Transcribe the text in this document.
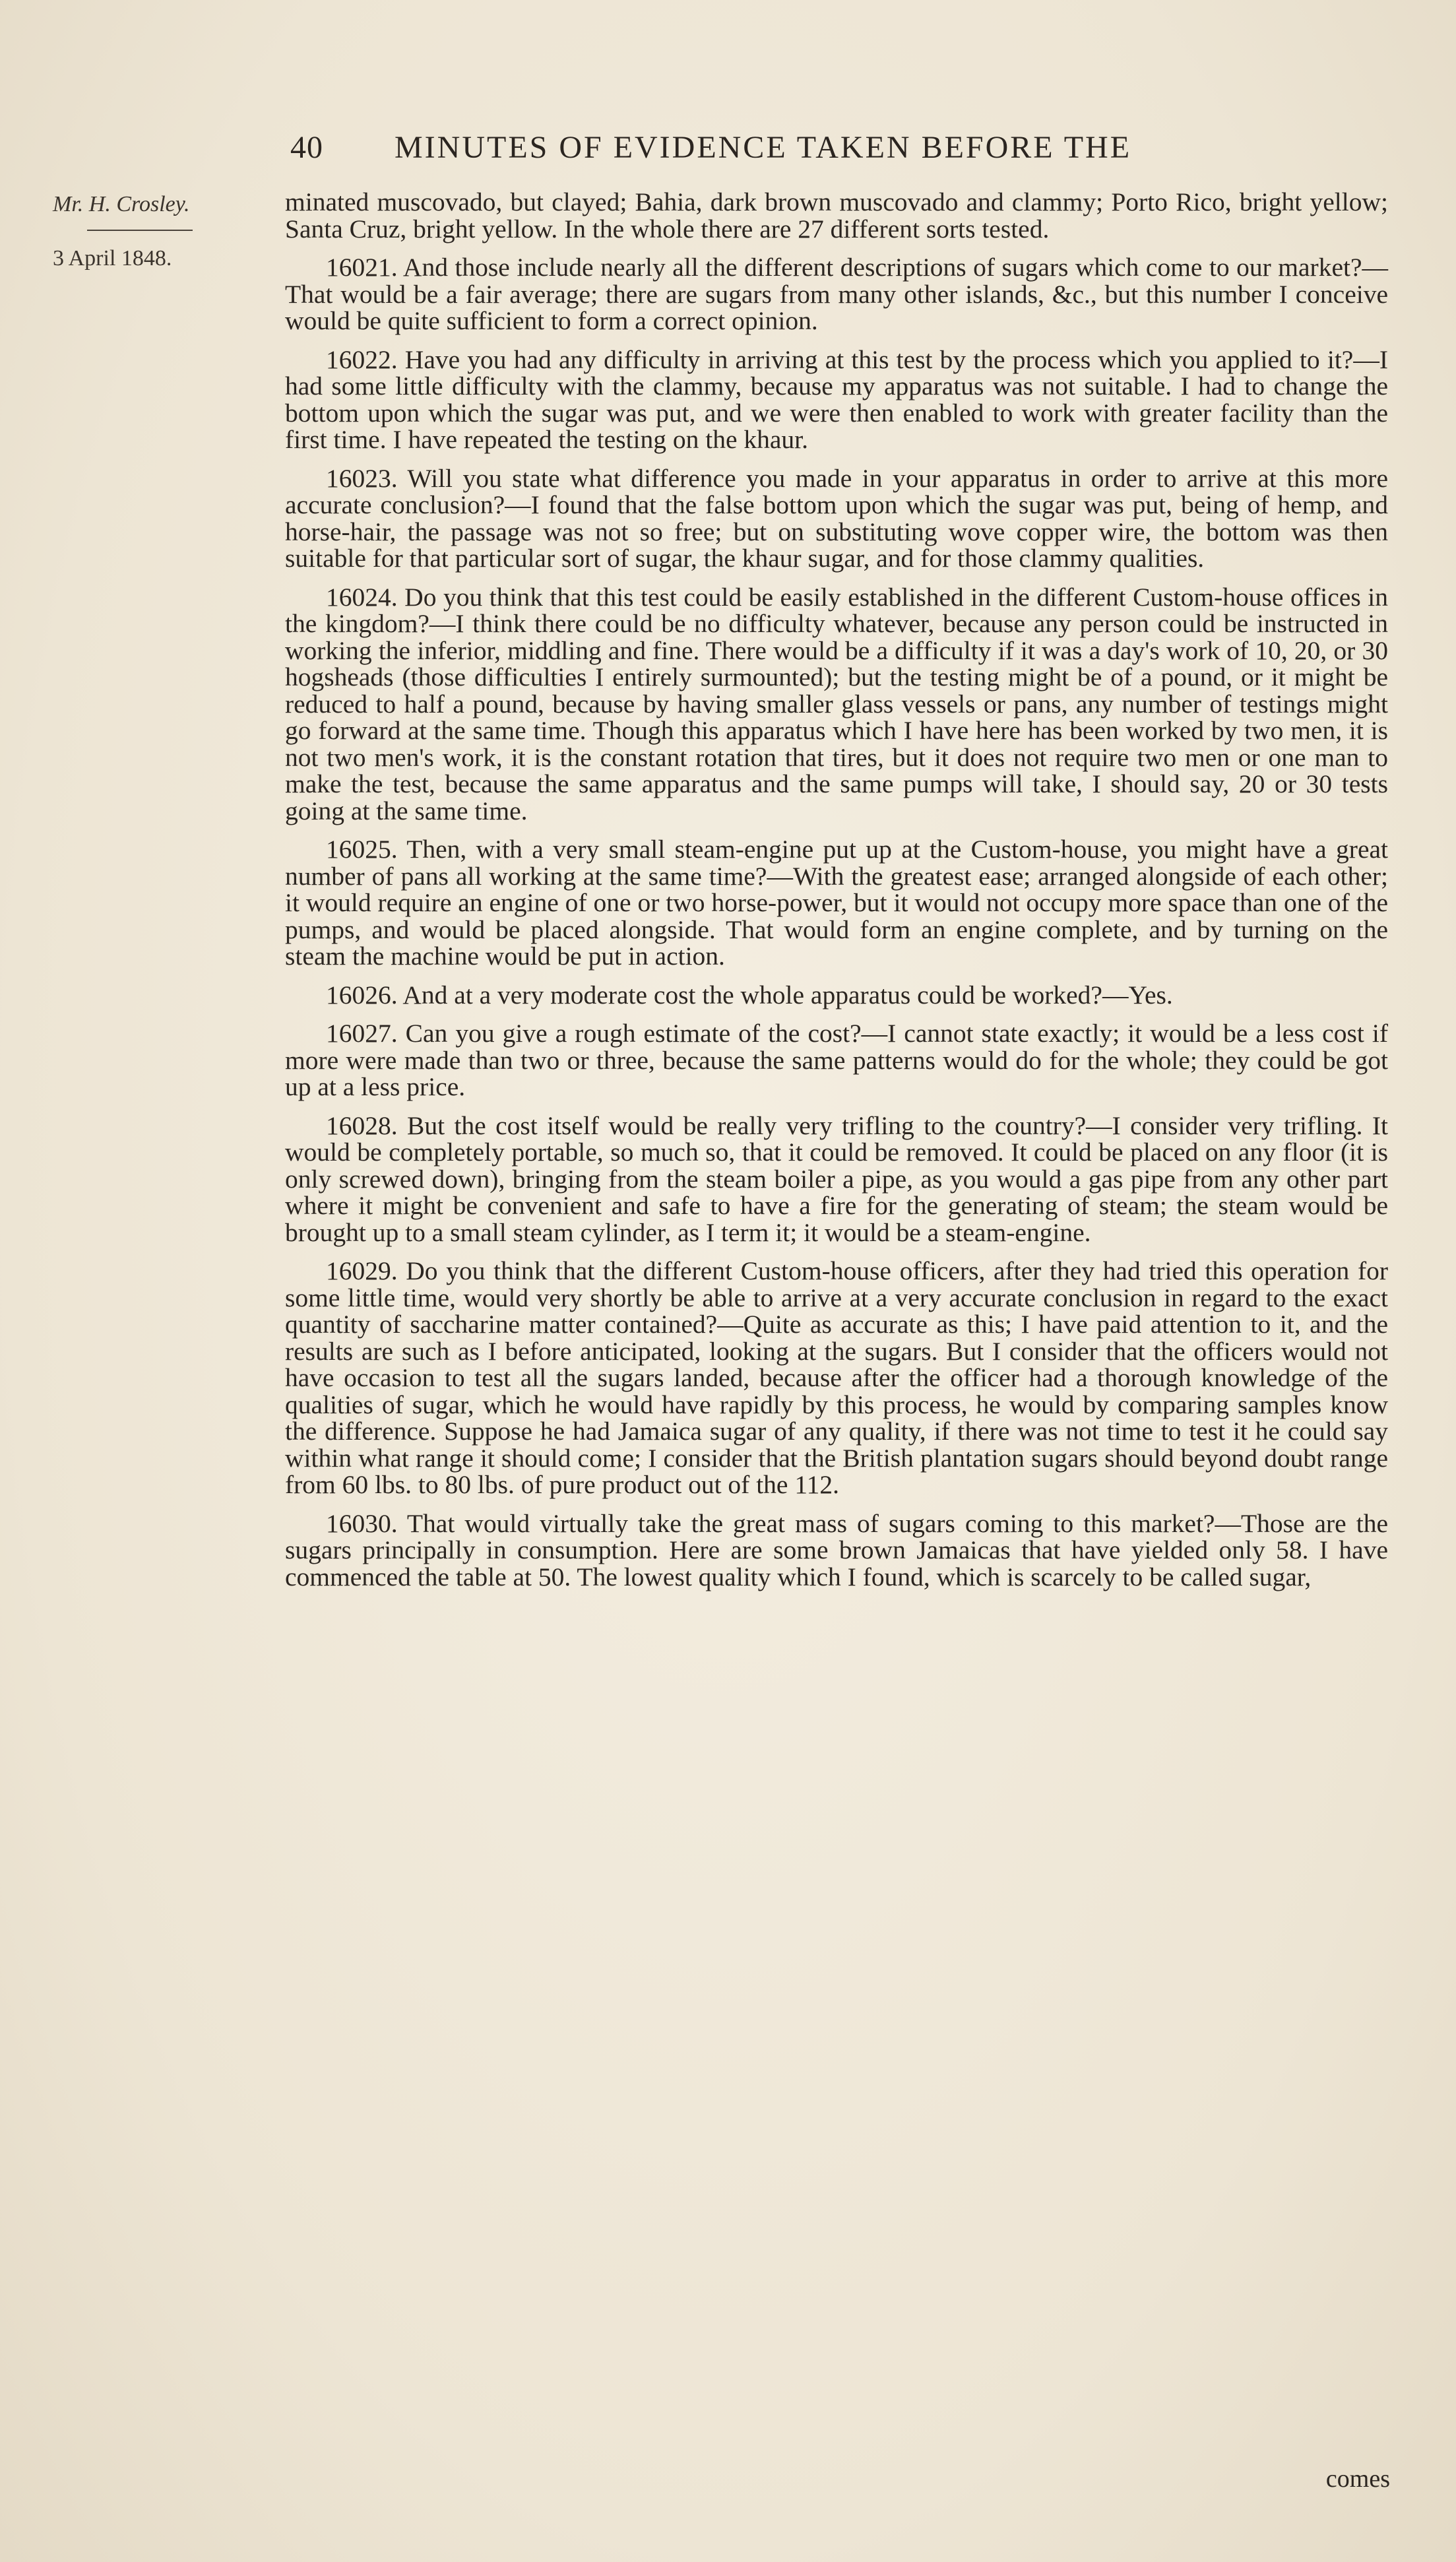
40	MINUTES OF EVIDENCE TAKEN BEFORE THE
Mr. H. Crosley.
3 April 1848.

minated muscovado, but clayed; Bahia, dark brown muscovado and clammy; Porto Rico, bright yellow; Santa Cruz, bright yellow. In the whole there are 27 different sorts tested.

16021. And those include nearly all the different descriptions of sugars which come to our market?—That would be a fair average; there are sugars from many other islands, &c., but this number I conceive would be quite sufficient to form a correct opinion.

16022. Have you had any difficulty in arriving at this test by the process which you applied to it?—I had some little difficulty with the clammy, because my apparatus was not suitable. I had to change the bottom upon which the sugar was put, and we were then enabled to work with greater facility than the first time. I have repeated the testing on the khaur.

16023. Will you state what difference you made in your apparatus in order to arrive at this more accurate conclusion?—I found that the false bottom upon which the sugar was put, being of hemp, and horse-hair, the passage was not so free; but on substituting wove copper wire, the bottom was then suitable for that particular sort of sugar, the khaur sugar, and for those clammy qualities.

16024. Do you think that this test could be easily established in the different Custom-house offices in the kingdom?—I think there could be no difficulty whatever, because any person could be instructed in working the inferior, middling and fine. There would be a difficulty if it was a day's work of 10, 20, or 30 hogsheads (those difficulties I entirely surmounted); but the testing might be of a pound, or it might be reduced to half a pound, because by having smaller glass vessels or pans, any number of testings might go forward at the same time. Though this apparatus which I have here has been worked by two men, it is not two men's work, it is the constant rotation that tires, but it does not require two men or one man to make the test, because the same apparatus and the same pumps will take, I should say, 20 or 30 tests going at the same time.

16025. Then, with a very small steam-engine put up at the Custom-house, you might have a great number of pans all working at the same time?—With the greatest ease; arranged alongside of each other; it would require an engine of one or two horse-power, but it would not occupy more space than one of the pumps, and would be placed alongside. That would form an engine complete, and by turning on the steam the machine would be put in action.

16026. And at a very moderate cost the whole apparatus could be worked?—Yes.

16027. Can you give a rough estimate of the cost?—I cannot state exactly; it would be a less cost if more were made than two or three, because the same patterns would do for the whole; they could be got up at a less price.

16028. But the cost itself would be really very trifling to the country?—I consider very trifling. It would be completely portable, so much so, that it could be removed. It could be placed on any floor (it is only screwed down), bringing from the steam boiler a pipe, as you would a gas pipe from any other part where it might be convenient and safe to have a fire for the generating of steam; the steam would be brought up to a small steam cylinder, as I term it; it would be a steam-engine.

16029. Do you think that the different Custom-house officers, after they had tried this operation for some little time, would very shortly be able to arrive at a very accurate conclusion in regard to the exact quantity of saccharine matter contained?—Quite as accurate as this; I have paid attention to it, and the results are such as I before anticipated, looking at the sugars. But I consider that the officers would not have occasion to test all the sugars landed, because after the officer had a thorough knowledge of the qualities of sugar, which he would have rapidly by this process, he would by comparing samples know the difference. Suppose he had Jamaica sugar of any quality, if there was not time to test it he could say within what range it should come; I consider that the British plantation sugars should beyond doubt range from 60 lbs. to 80 lbs. of pure product out of the 112.

16030. That would virtually take the great mass of sugars coming to this market?—Those are the sugars principally in consumption. Here are some brown Jamaicas that have yielded only 58. I have commenced the table at 50. The lowest quality which I found, which is scarcely to be called sugar,

comes
